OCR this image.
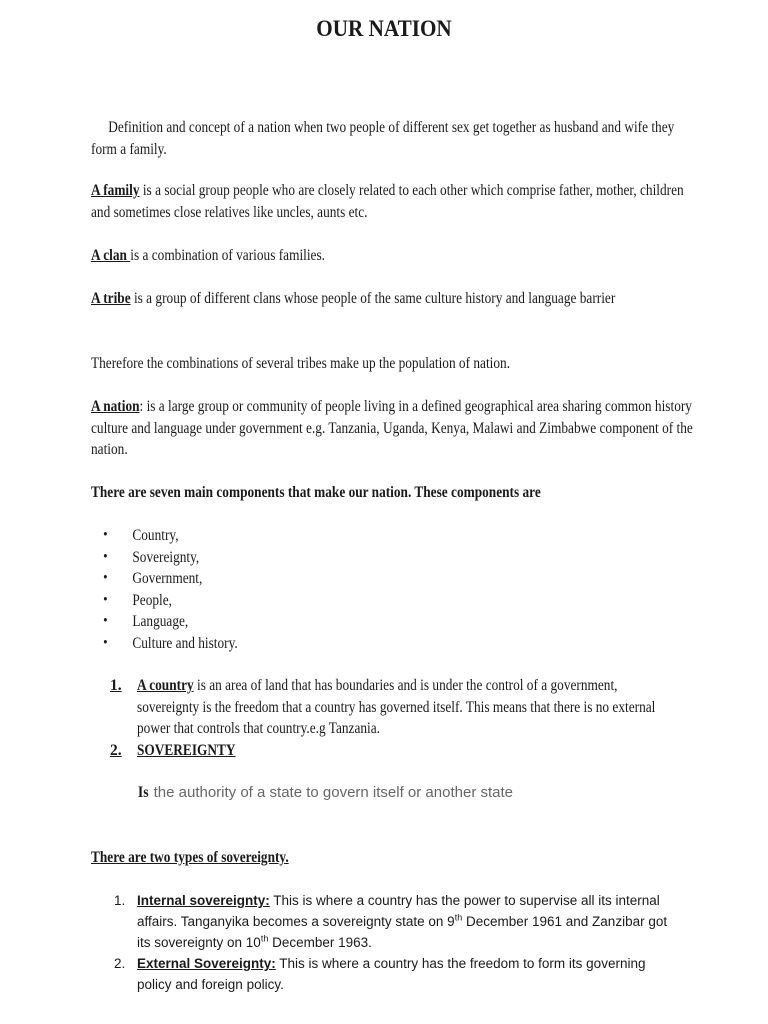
OUR NATION
Definition and concept of a nation when two people of different sex get together as husband and wife they form a family.
A family is a social group people who are closely related to each other which comprise father, mother, children and sometimes close relatives like uncles, aunts etc.
A clan is a combination of various families.
A tribe is a group of different clans whose people of the same culture history and language barrier
Therefore the combinations of several tribes make up the population of nation.
A nation: is a large group or community of people living in a defined geographical area sharing common history culture and language under government e.g. Tanzania, Uganda, Kenya, Malawi and Zimbabwe component of the nation.
There are seven main components that make our nation. These components are
• Country,
• Sovereignty,
• Government,
• People,
• Language,
• Culture and history.
1. A country is an area of land that has boundaries and is under the control of a government, sovereignty is the freedom that a country has governed itself. This means that there is no external power that controls that country.e.g Tanzania.
2. SOVEREIGNTY
Is the authority of a state to govern itself or another state
There are two types of sovereignty.
1. Internal sovereignty: This is where a country has the power to supervise all its internal affairs. Tanganyika becomes a sovereignty state on 9th December 1961 and Zanzibar got its sovereignty on 10th December 1963.
2. External Sovereignty: This is where a country has the freedom to form its governing policy and foreign policy.
